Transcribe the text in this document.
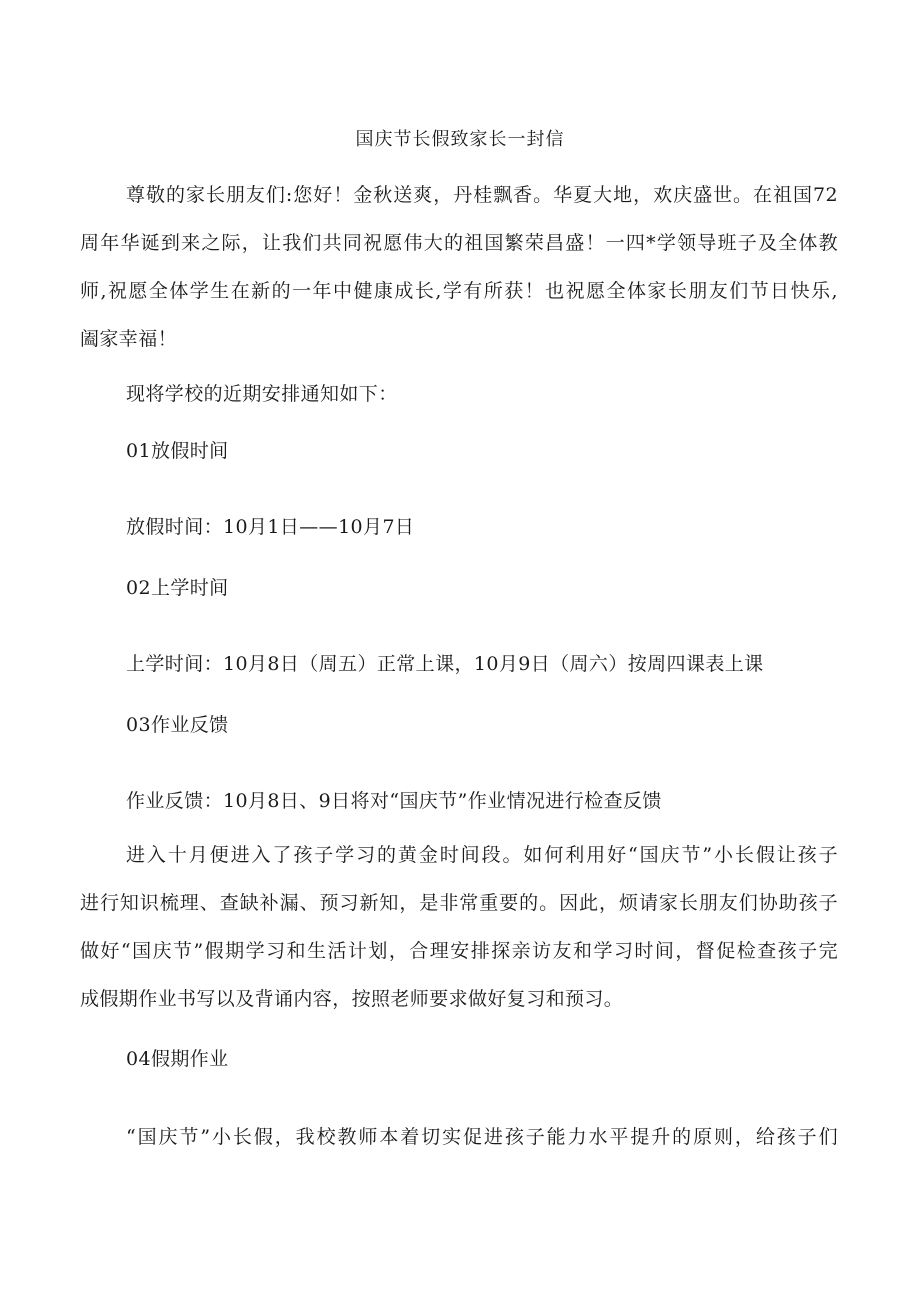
国庆节长假致家长一封信
尊敬的家长朋友们:您好！金秋送爽，丹桂飘香。华夏大地，欢庆盛世。在祖国72
周年华诞到来之际，让我们共同祝愿伟大的祖国繁荣昌盛！一四*学领导班子及全体教
师,祝愿全体学生在新的一年中健康成长,学有所获！也祝愿全体家长朋友们节日快乐,
阖家幸福！
现将学校的近期安排通知如下：
01放假时间
放假时间：10月1日——10月7日
02上学时间
上学时间：10月8日（周五）正常上课，10月9日（周六）按周四课表上课
03作业反馈
作业反馈：10月8日、9日将对“国庆节”作业情况进行检查反馈
进入十月便进入了孩子学习的黄金时间段。如何利用好“国庆节”小长假让孩子
进行知识梳理、查缺补漏、预习新知，是非常重要的。因此，烦请家长朋友们协助孩子
做好“国庆节”假期学习和生活计划，合理安排探亲访友和学习时间，督促检查孩子完
成假期作业书写以及背诵内容，按照老师要求做好复习和预习。
04假期作业
“国庆节”小长假，我校教师本着切实促进孩子能力水平提升的原则，给孩子们
